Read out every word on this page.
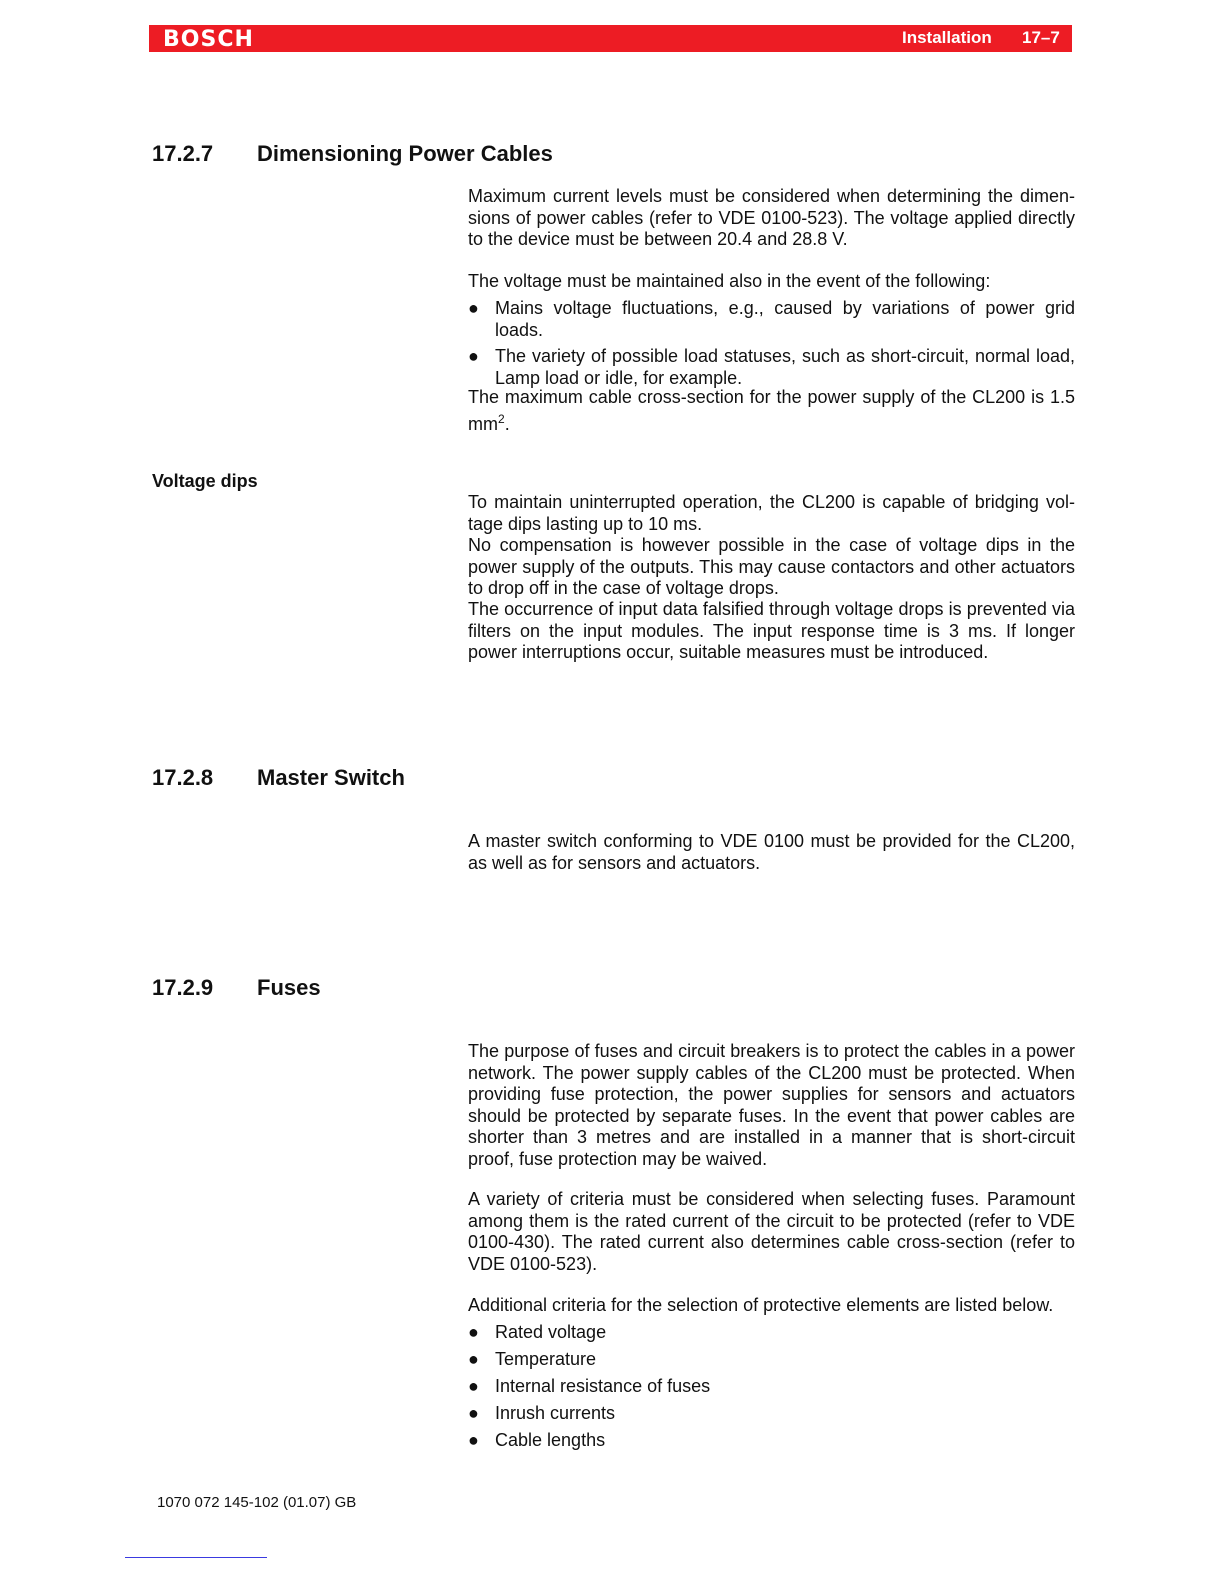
BOSCH	Installation 17–7
17.2.7 Dimensioning Power Cables

Maximum current levels must be considered when determining the dimen-sions of power cables (refer to VDE 0100-523). The voltage applied directly to the device must be between 20.4 and 28.8 V.

The voltage must be maintained also in the event of the following:

● Mains voltage fluctuations, e.g., caused by variations of power grid loads.
● The variety of possible load statuses, such as short-circuit, normal load, Lamp load or idle, for example.

The maximum cable cross-section for the power supply of the CL200 is 1.5 $mm^2$.

Voltage dips

To maintain uninterrupted operation, the CL200 is capable of bridging vol-tage dips lasting up to 10 ms.

No compensation is however possible in the case of voltage dips in the power supply of the outputs. This may cause contactors and other actuators to drop off in the case of voltage drops.

The occurrence of input data falsified through voltage drops is prevented via filters on the input modules. The input response time is 3 ms. If longer power interruptions occur, suitable measures must be introduced.

17.2.8 Master Switch

A master switch conforming to VDE 0100 must be provided for the CL200, as well as for sensors and actuators.

17.2.9 Fuses

The purpose of fuses and circuit breakers is to protect the cables in a power network. The power supply cables of the CL200 must be protected. When providing fuse protection, the power supplies for sensors and actuators should be protected by separate fuses. In the event that power cables are shorter than 3 metres and are installed in a manner that is short-circuit proof, fuse protection may be waived.

A variety of criteria must be considered when selecting fuses. Paramount among them is the rated current of the circuit to be protected (refer to VDE 0100-430). The rated current also determines cable cross-section (refer to VDE 0100-523).

Additional criteria for the selection of protective elements are listed below.

● Rated voltage
● Temperature
● Internal resistance of fuses
● Inrush currents
● Cable lengths
1070 072 145-102 (01.07) GB
